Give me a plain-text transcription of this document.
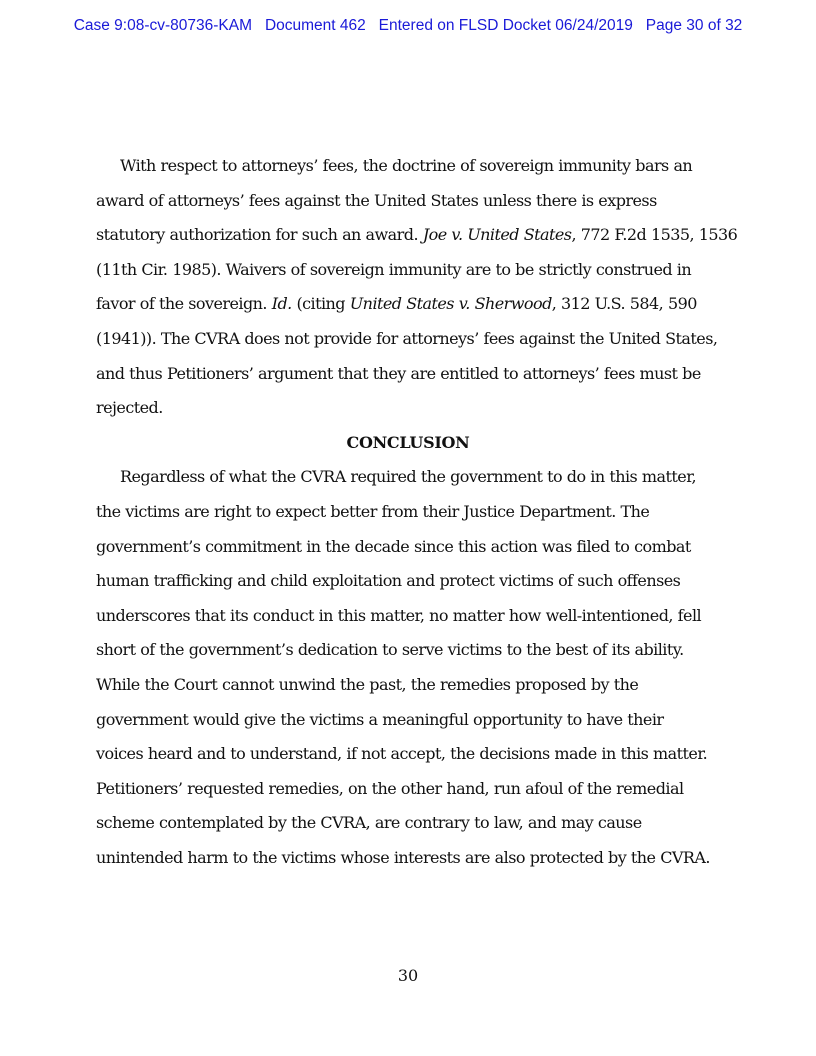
Case 9:08-cv-80736-KAM   Document 462   Entered on FLSD Docket 06/24/2019   Page 30 of 32
With respect to attorneys’ fees, the doctrine of sovereign immunity bars an
award of attorneys’ fees against the United States unless there is express
statutory authorization for such an award. Joe v. United States, 772 F.2d 1535, 1536
(11th Cir. 1985). Waivers of sovereign immunity are to be strictly construed in
favor of the sovereign. Id. (citing United States v. Sherwood, 312 U.S. 584, 590
(1941)). The CVRA does not provide for attorneys’ fees against the United States,
and thus Petitioners’ argument that they are entitled to attorneys’ fees must be
rejected.
CONCLUSION
Regardless of what the CVRA required the government to do in this matter,
the victims are right to expect better from their Justice Department. The
government’s commitment in the decade since this action was filed to combat
human trafficking and child exploitation and protect victims of such offenses
underscores that its conduct in this matter, no matter how well-intentioned, fell
short of the government’s dedication to serve victims to the best of its ability.
While the Court cannot unwind the past, the remedies proposed by the
government would give the victims a meaningful opportunity to have their
voices heard and to understand, if not accept, the decisions made in this matter.
Petitioners’ requested remedies, on the other hand, run afoul of the remedial
scheme contemplated by the CVRA, are contrary to law, and may cause
unintended harm to the victims whose interests are also protected by the CVRA.
30
